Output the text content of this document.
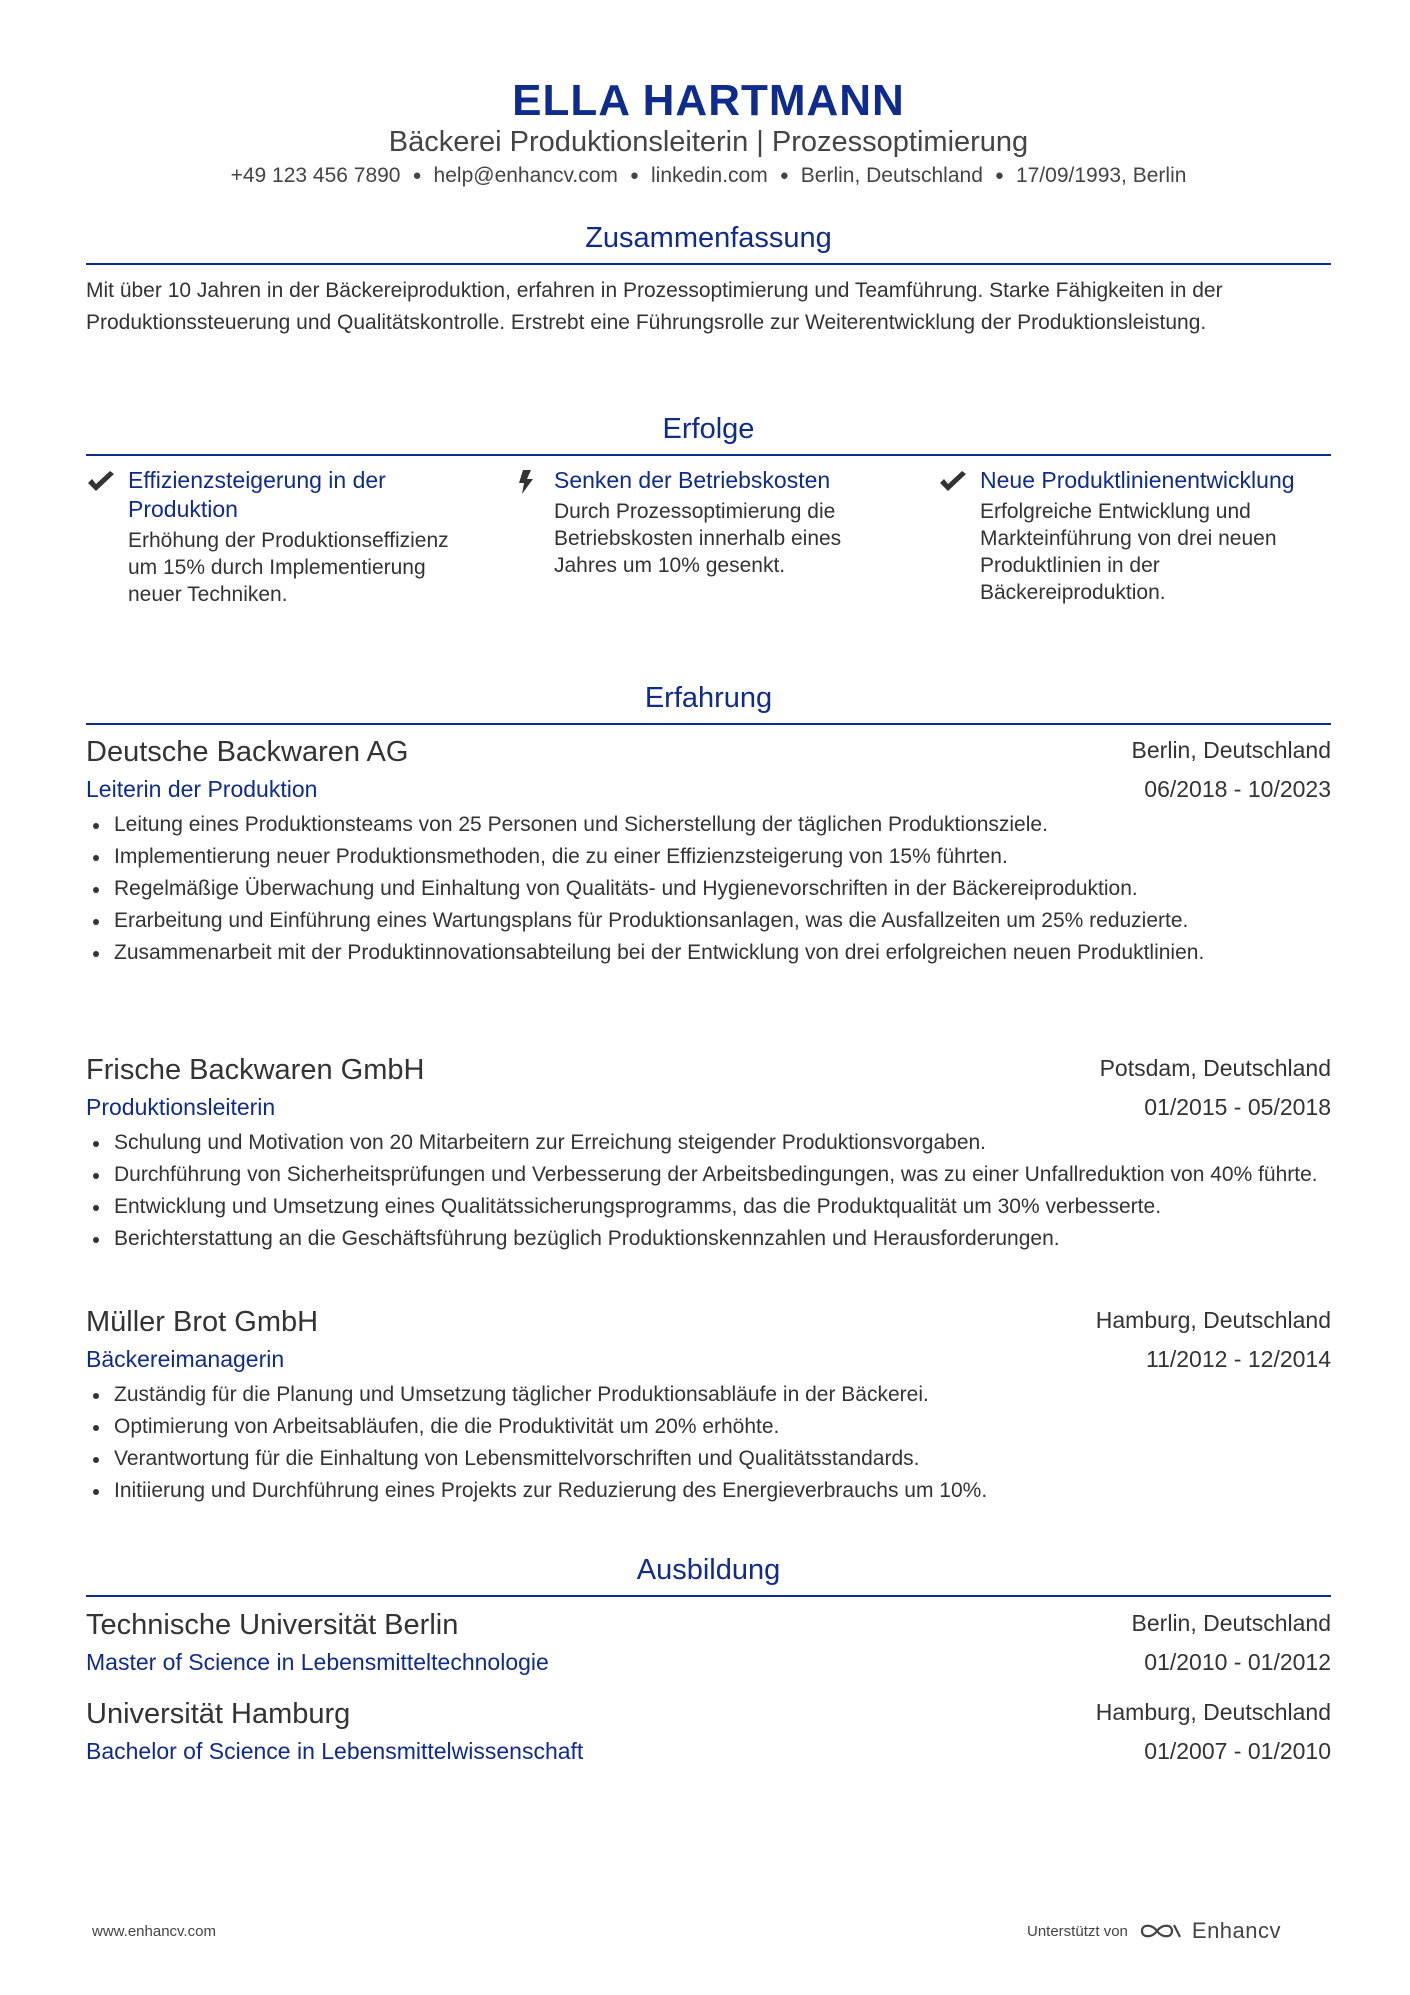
ELLA HARTMANN
Bäckerei Produktionsleiterin | Prozessoptimierung
+49 123 456 7890 ● help@enhancv.com ● linkedin.com ● Berlin, Deutschland ● 17/09/1993, Berlin
Zusammenfassung
Mit über 10 Jahren in der Bäckereiproduktion, erfahren in Prozessoptimierung und Teamführung. Starke Fähigkeiten in der Produktionssteuerung und Qualitätskontrolle. Erstrebt eine Führungsrolle zur Weiterentwicklung der Produktionsleistung.
Erfolge
Effizienzsteigerung in der Produktion
Erhöhung der Produktionseffizienz um 15% durch Implementierung neuer Techniken.
Senken der Betriebskosten
Durch Prozessoptimierung die Betriebskosten innerhalb eines Jahres um 10% gesenkt.
Neue Produktlinienentwicklung
Erfolgreiche Entwicklung und Markteinführung von drei neuen Produktlinien in der Bäckereiproduktion.
Erfahrung
Deutsche Backwaren AG	Berlin, Deutschland
Leiterin der Produktion	06/2018 - 10/2023
Leitung eines Produktionsteams von 25 Personen und Sicherstellung der täglichen Produktionsziele.
Implementierung neuer Produktionsmethoden, die zu einer Effizienzsteigerung von 15% führten.
Regelmäßige Überwachung und Einhaltung von Qualitäts- und Hygienevorschriften in der Bäckereiproduktion.
Erarbeitung und Einführung eines Wartungsplans für Produktionsanlagen, was die Ausfallzeiten um 25% reduzierte.
Zusammenarbeit mit der Produktinnovationsabteilung bei der Entwicklung von drei erfolgreichen neuen Produktlinien.
Frische Backwaren GmbH	Potsdam, Deutschland
Produktionsleiterin	01/2015 - 05/2018
Schulung und Motivation von 20 Mitarbeitern zur Erreichung steigender Produktionsvorgaben.
Durchführung von Sicherheitsprüfungen und Verbesserung der Arbeitsbedingungen, was zu einer Unfallreduktion von 40% führte.
Entwicklung und Umsetzung eines Qualitätssicherungsprogramms, das die Produktqualität um 30% verbesserte.
Berichterstattung an die Geschäftsführung bezüglich Produktionskennzahlen und Herausforderungen.
Müller Brot GmbH	Hamburg, Deutschland
Bäckereimanagerin	11/2012 - 12/2014
Zuständig für die Planung und Umsetzung täglicher Produktionsabläufe in der Bäckerei.
Optimierung von Arbeitsabläufen, die die Produktivität um 20% erhöhte.
Verantwortung für die Einhaltung von Lebensmittelvorschriften und Qualitätsstandards.
Initiierung und Durchführung eines Projekts zur Reduzierung des Energieverbrauchs um 10%.
Ausbildung
Technische Universität Berlin	Berlin, Deutschland
Master of Science in Lebensmitteltechnologie	01/2010 - 01/2012
Universität Hamburg	Hamburg, Deutschland
Bachelor of Science in Lebensmittelwissenschaft	01/2007 - 01/2010
www.enhancv.com	Unterstützt von	Enhancv
